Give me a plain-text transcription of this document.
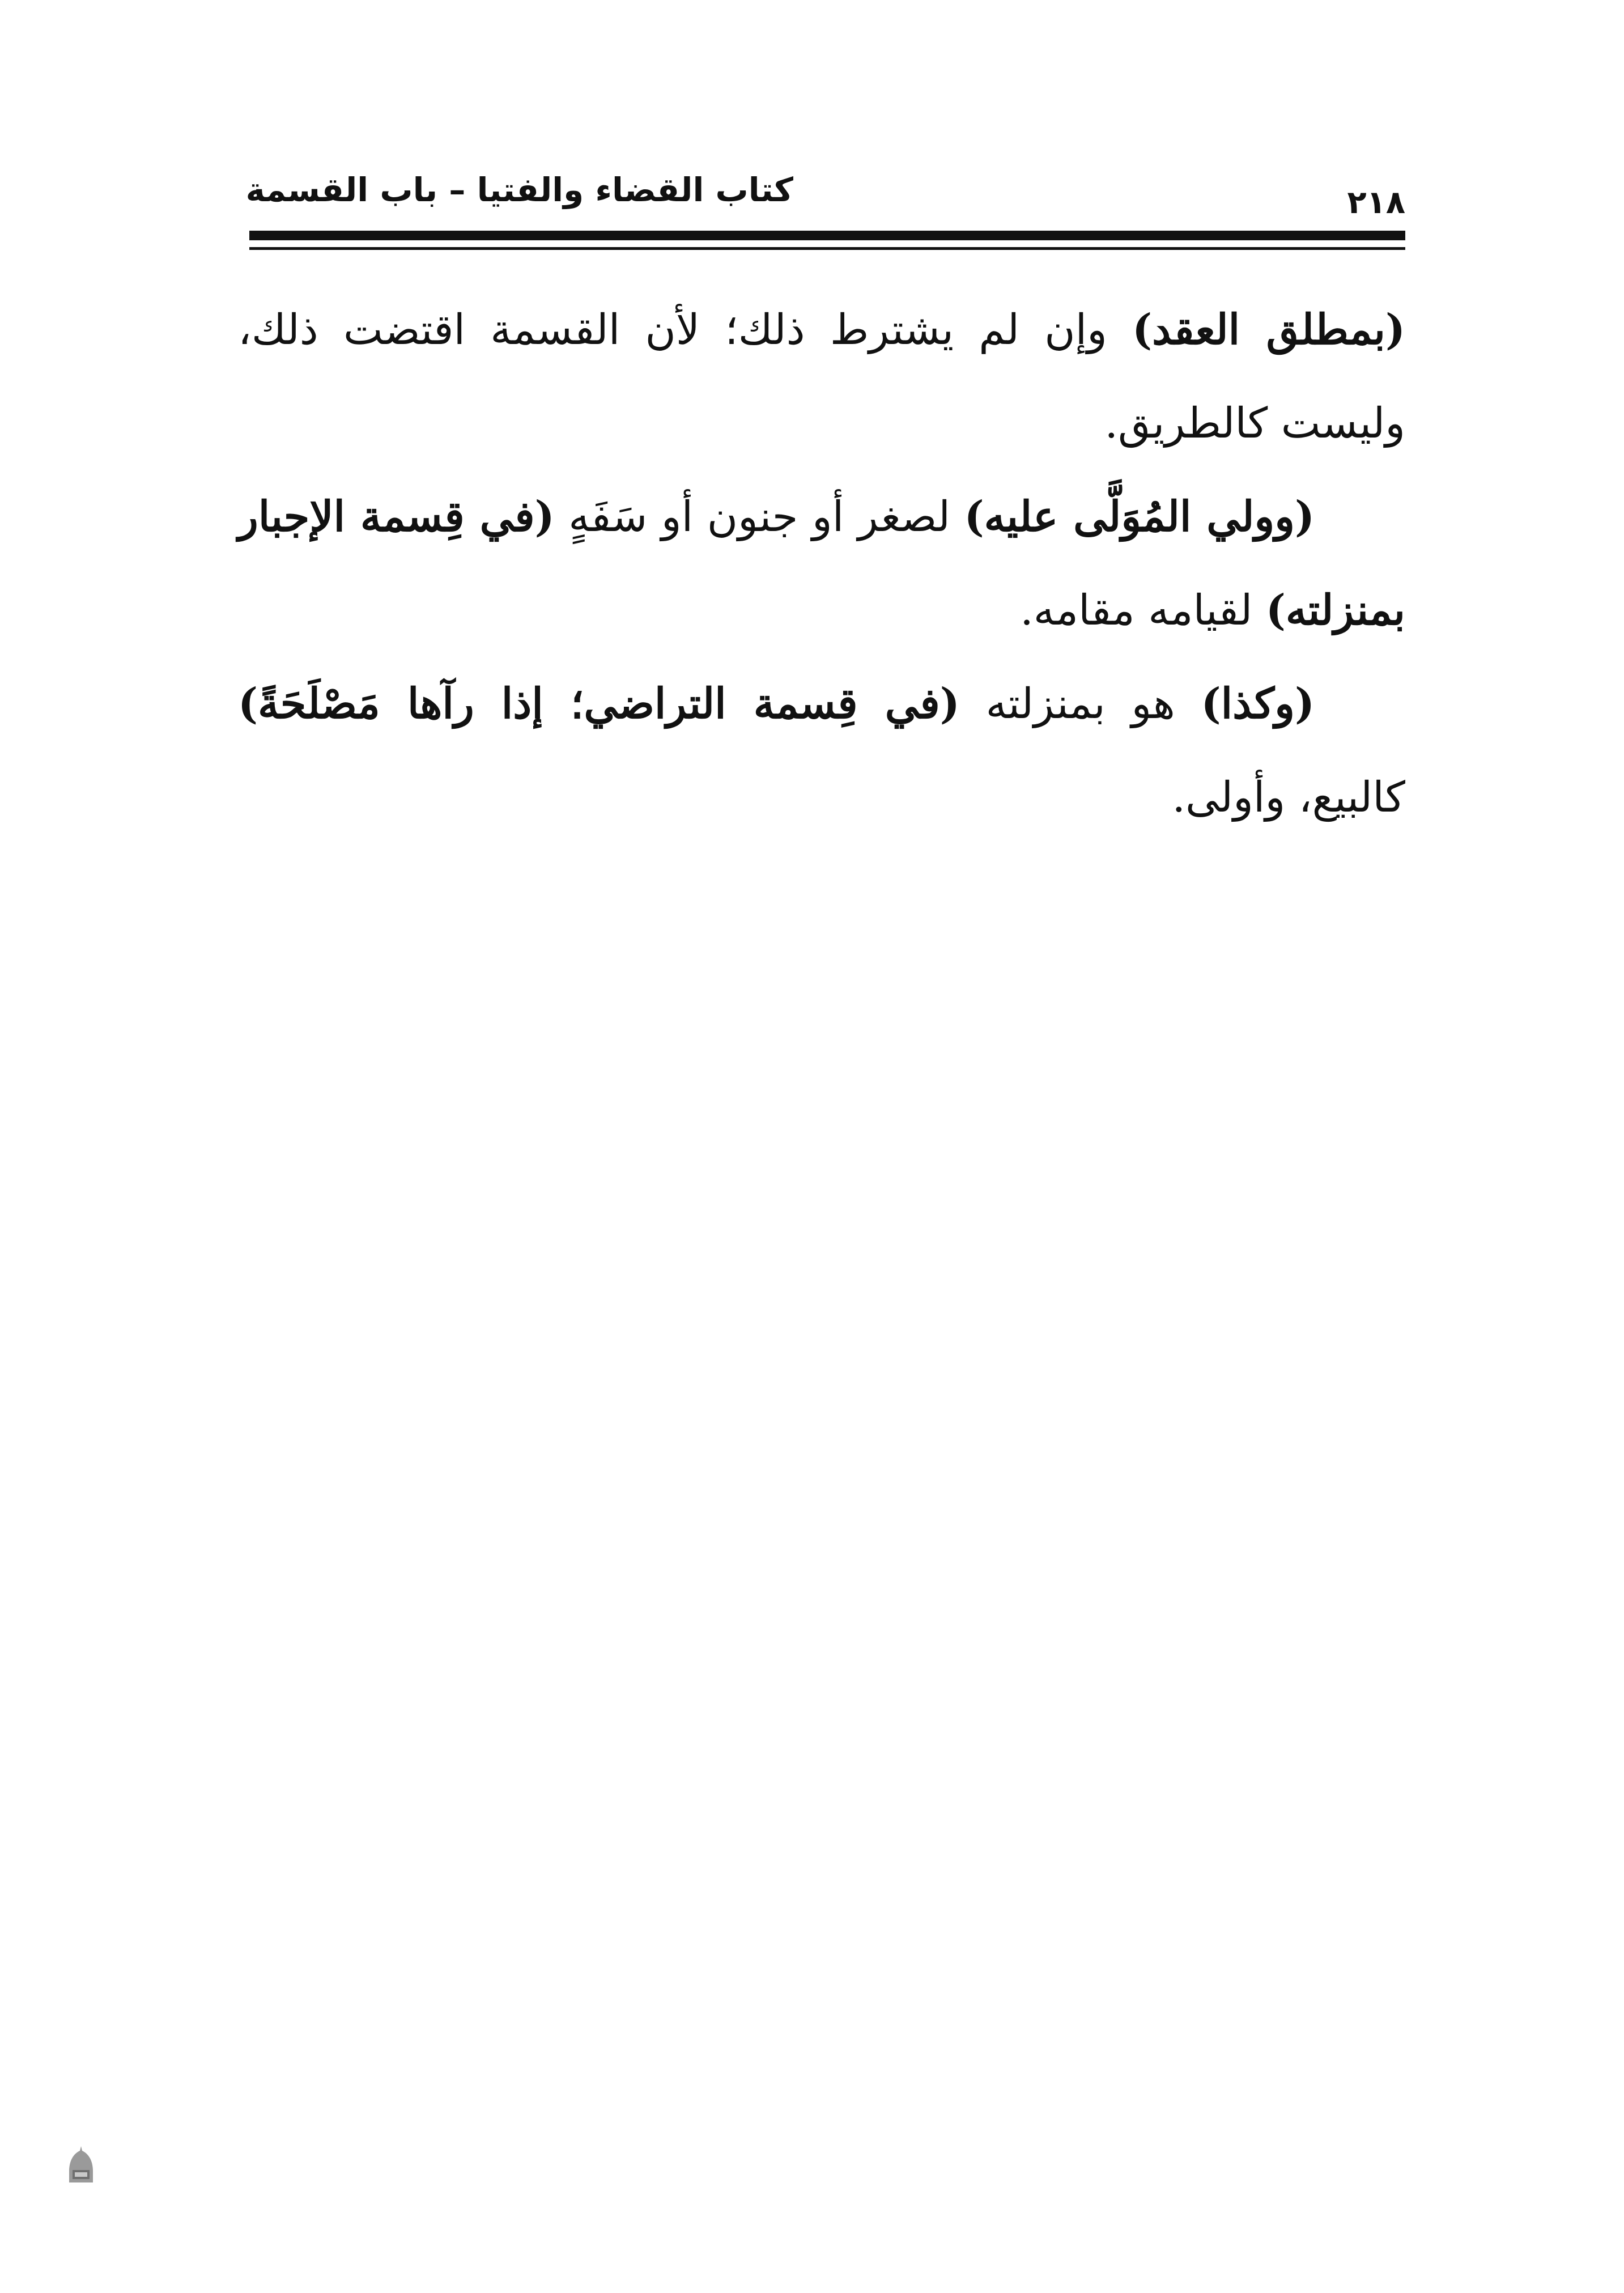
كتاب القضاء والفتيا – باب القسمة	٢١٨

(بمطلق العقد) وإن لم يشترط ذلك؛ لأن القسمة اقتضت ذلك، وليست كالطريق.

(وولي المُوَلَّى عليه) لصغر أو جنون أو سَفَهٍ (في قِسمة الإجبار بمنزلته) لقيامه مقامه.

(وكذا) هو بمنزلته (في قِسمة التراضي؛ إذا رآها مَصْلَحَةً) كالبيع، وأولى.
